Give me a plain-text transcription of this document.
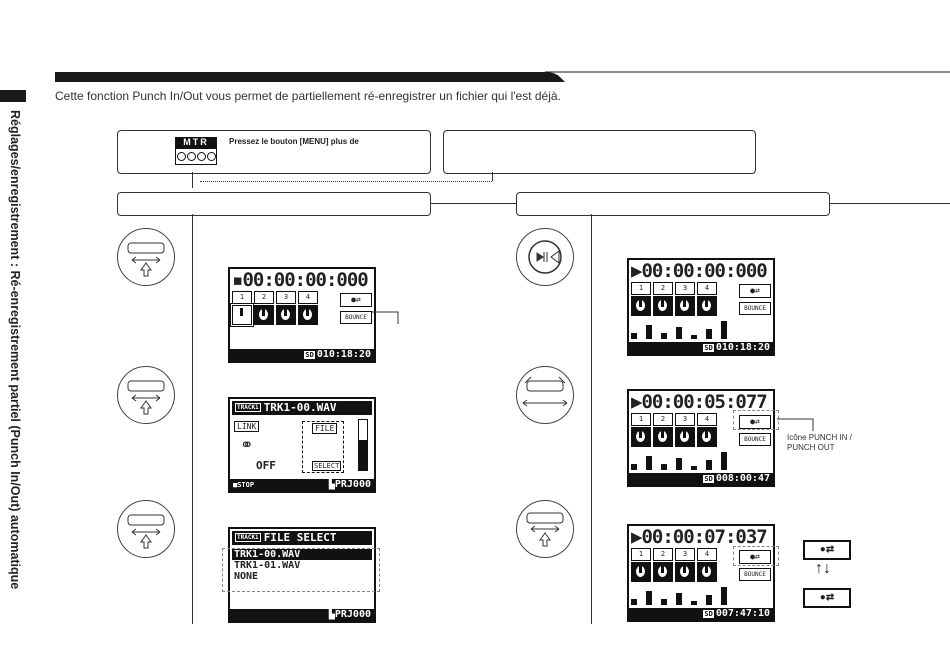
Réglages/enregistrement : Ré-enregistrement partiel (Punch In/Out) automatique
Cette fonction Punch In/Out vous permet de partiellement ré-enregistrer un fichier qui l'est déjà.
MTR	Pressez le bouton [MENU] plus de
▪00:00:00:000
1	2	3	4	●⇄
BOUNCE
SD 010:18:20
TRACK1 TRK1-00.WAV
LINK
⚭
OFF
FILE
SELECT
■STOP	▙PRJ000
TRACK1 FILE SELECT
TRK1-00.WAV
TRK1-01.WAV
NONE
▙PRJ000
▶00:00:00:000
1	2	3	4	●⇄
BOUNCE
SD 010:18:20
▶00:00:05:077
1	2	3	4	●⇄
BOUNCE
SD 008:00:47
Icône PUNCH IN /
PUNCH OUT
▶00:00:07:037
1	2	3	4	●⇄
BOUNCE
SD 007:47:10
●⇄
↑↓
●⇄
